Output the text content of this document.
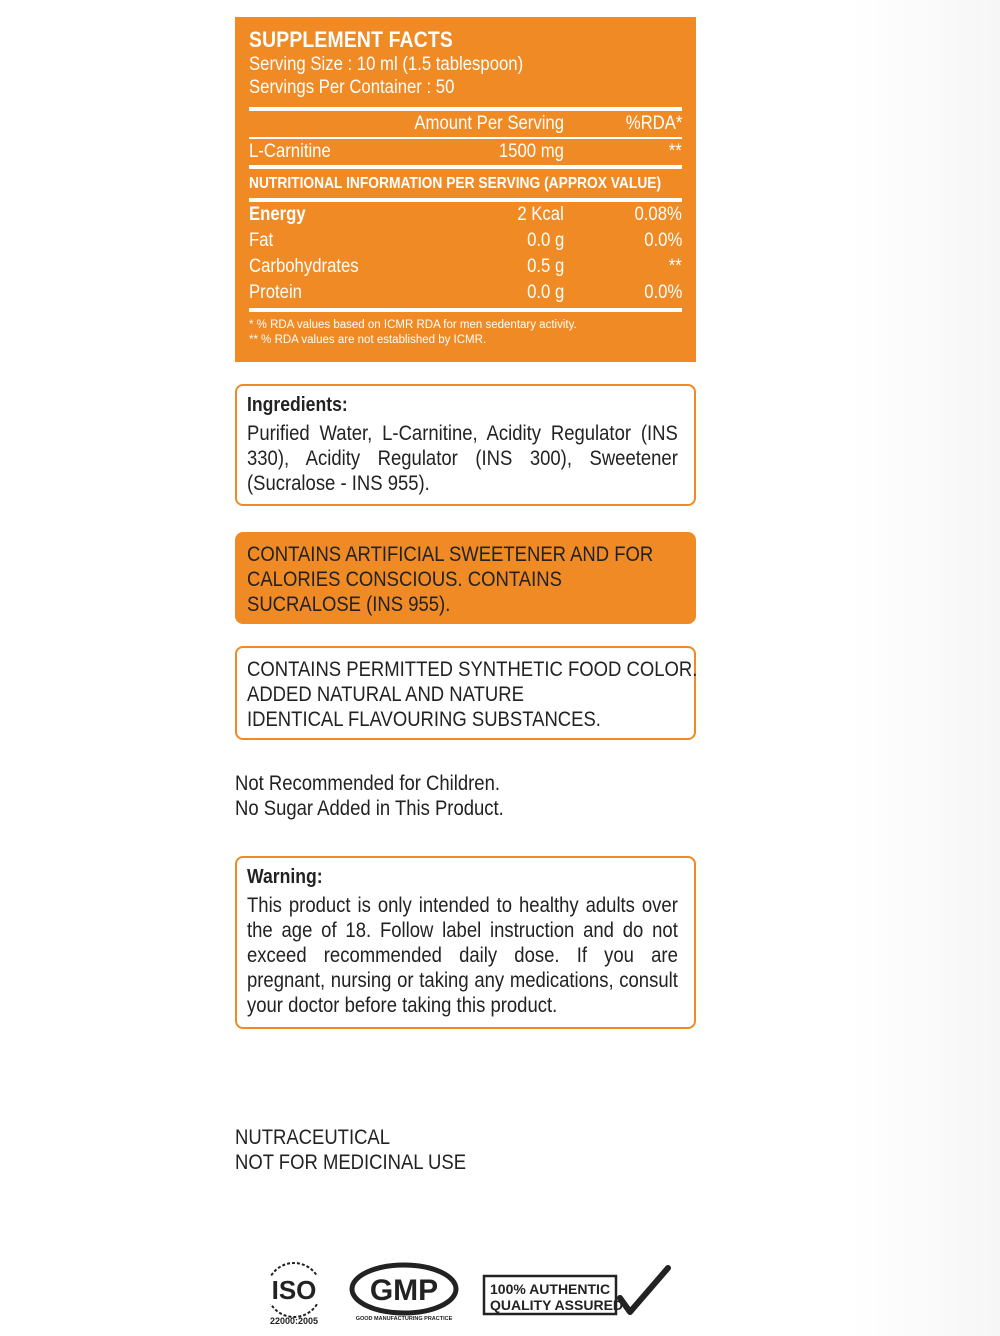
SUPPLEMENT FACTS
Serving Size : 10 ml (1.5 tablespoon)
Servings Per Container : 50
Amount Per Serving	%RDA*
L-Carnitine	1500 mg	**
NUTRITIONAL INFORMATION PER SERVING (APPROX VALUE)
Energy	2 Kcal	0.08%
Fat	0.0 g	0.0%
Carbohydrates	0.5 g	**
Protein	0.0 g	0.0%
* % RDA values based on ICMR RDA for men sedentary activity.
** % RDA values are not established by ICMR.
Ingredients:
Purified Water, L-Carnitine, Acidity Regulator (INS 330), Acidity Regulator (INS 300), Sweetener (Sucralose - INS 955).
CONTAINS ARTIFICIAL SWEETENER AND FOR CALORIES CONSCIOUS. CONTAINS SUCRALOSE (INS 955).
CONTAINS PERMITTED SYNTHETIC FOOD COLOR.
ADDED NATURAL AND NATURE
IDENTICAL FLAVOURING SUBSTANCES.
Not Recommended for Children.
No Sugar Added in This Product.
Warning:
This product is only intended to healthy adults over the age of 18. Follow label instruction and do not exceed recommended daily dose. If you are pregnant, nursing or taking any medications, consult your doctor before taking this product.
NUTRACEUTICAL
NOT FOR MEDICINAL USE
ISO
22000:2005
GMP
GOOD MANUFACTURING PRACTICE
100% AUTHENTIC
QUALITY ASSURED
